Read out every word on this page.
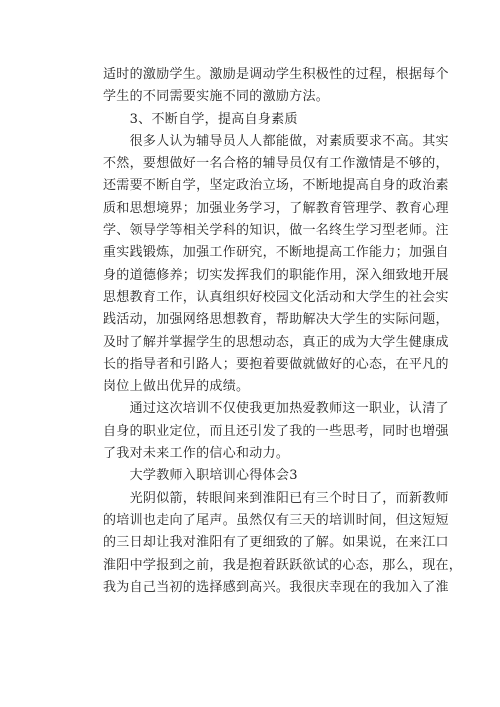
适时的激励学生。激励是调动学生积极性的过程，根据每个
学生的不同需要实施不同的激励方法。
　　3、不断自学，提高自身素质
　　很多人认为辅导员人人都能做，对素质要求不高。其实
不然，要想做好一名合格的辅导员仅有工作激情是不够的，
还需要不断自学，坚定政治立场，不断地提高自身的政治素
质和思想境界；加强业务学习，了解教育管理学、教育心理
学、领导学等相关学科的知识，做一名终生学习型老师。注
重实践锻炼，加强工作研究，不断地提高工作能力；加强自
身的道德修养；切实发挥我们的职能作用，深入细致地开展
思想教育工作，认真组织好校园文化活动和大学生的社会实
践活动，加强网络思想教育，帮助解决大学生的实际问题，
及时了解并掌握学生的思想动态，真正的成为大学生健康成
长的指导者和引路人；要抱着要做就做好的心态，在平凡的
岗位上做出优异的成绩。
　　通过这次培训不仅使我更加热爱教师这一职业，认清了
自身的职业定位，而且还引发了我的一些思考，同时也增强
了我对未来工作的信心和动力。
　　大学教师入职培训心得体会3
　　光阴似箭，转眼间来到淮阳已有三个时日了，而新教师
的培训也走向了尾声。虽然仅有三天的培训时间，但这短短
的三日却让我对淮阳有了更细致的了解。如果说，在来江口
淮阳中学报到之前，我是抱着跃跃欲试的心态，那么，现在，
我为自己当初的选择感到高兴。我很庆幸现在的我加入了淮
